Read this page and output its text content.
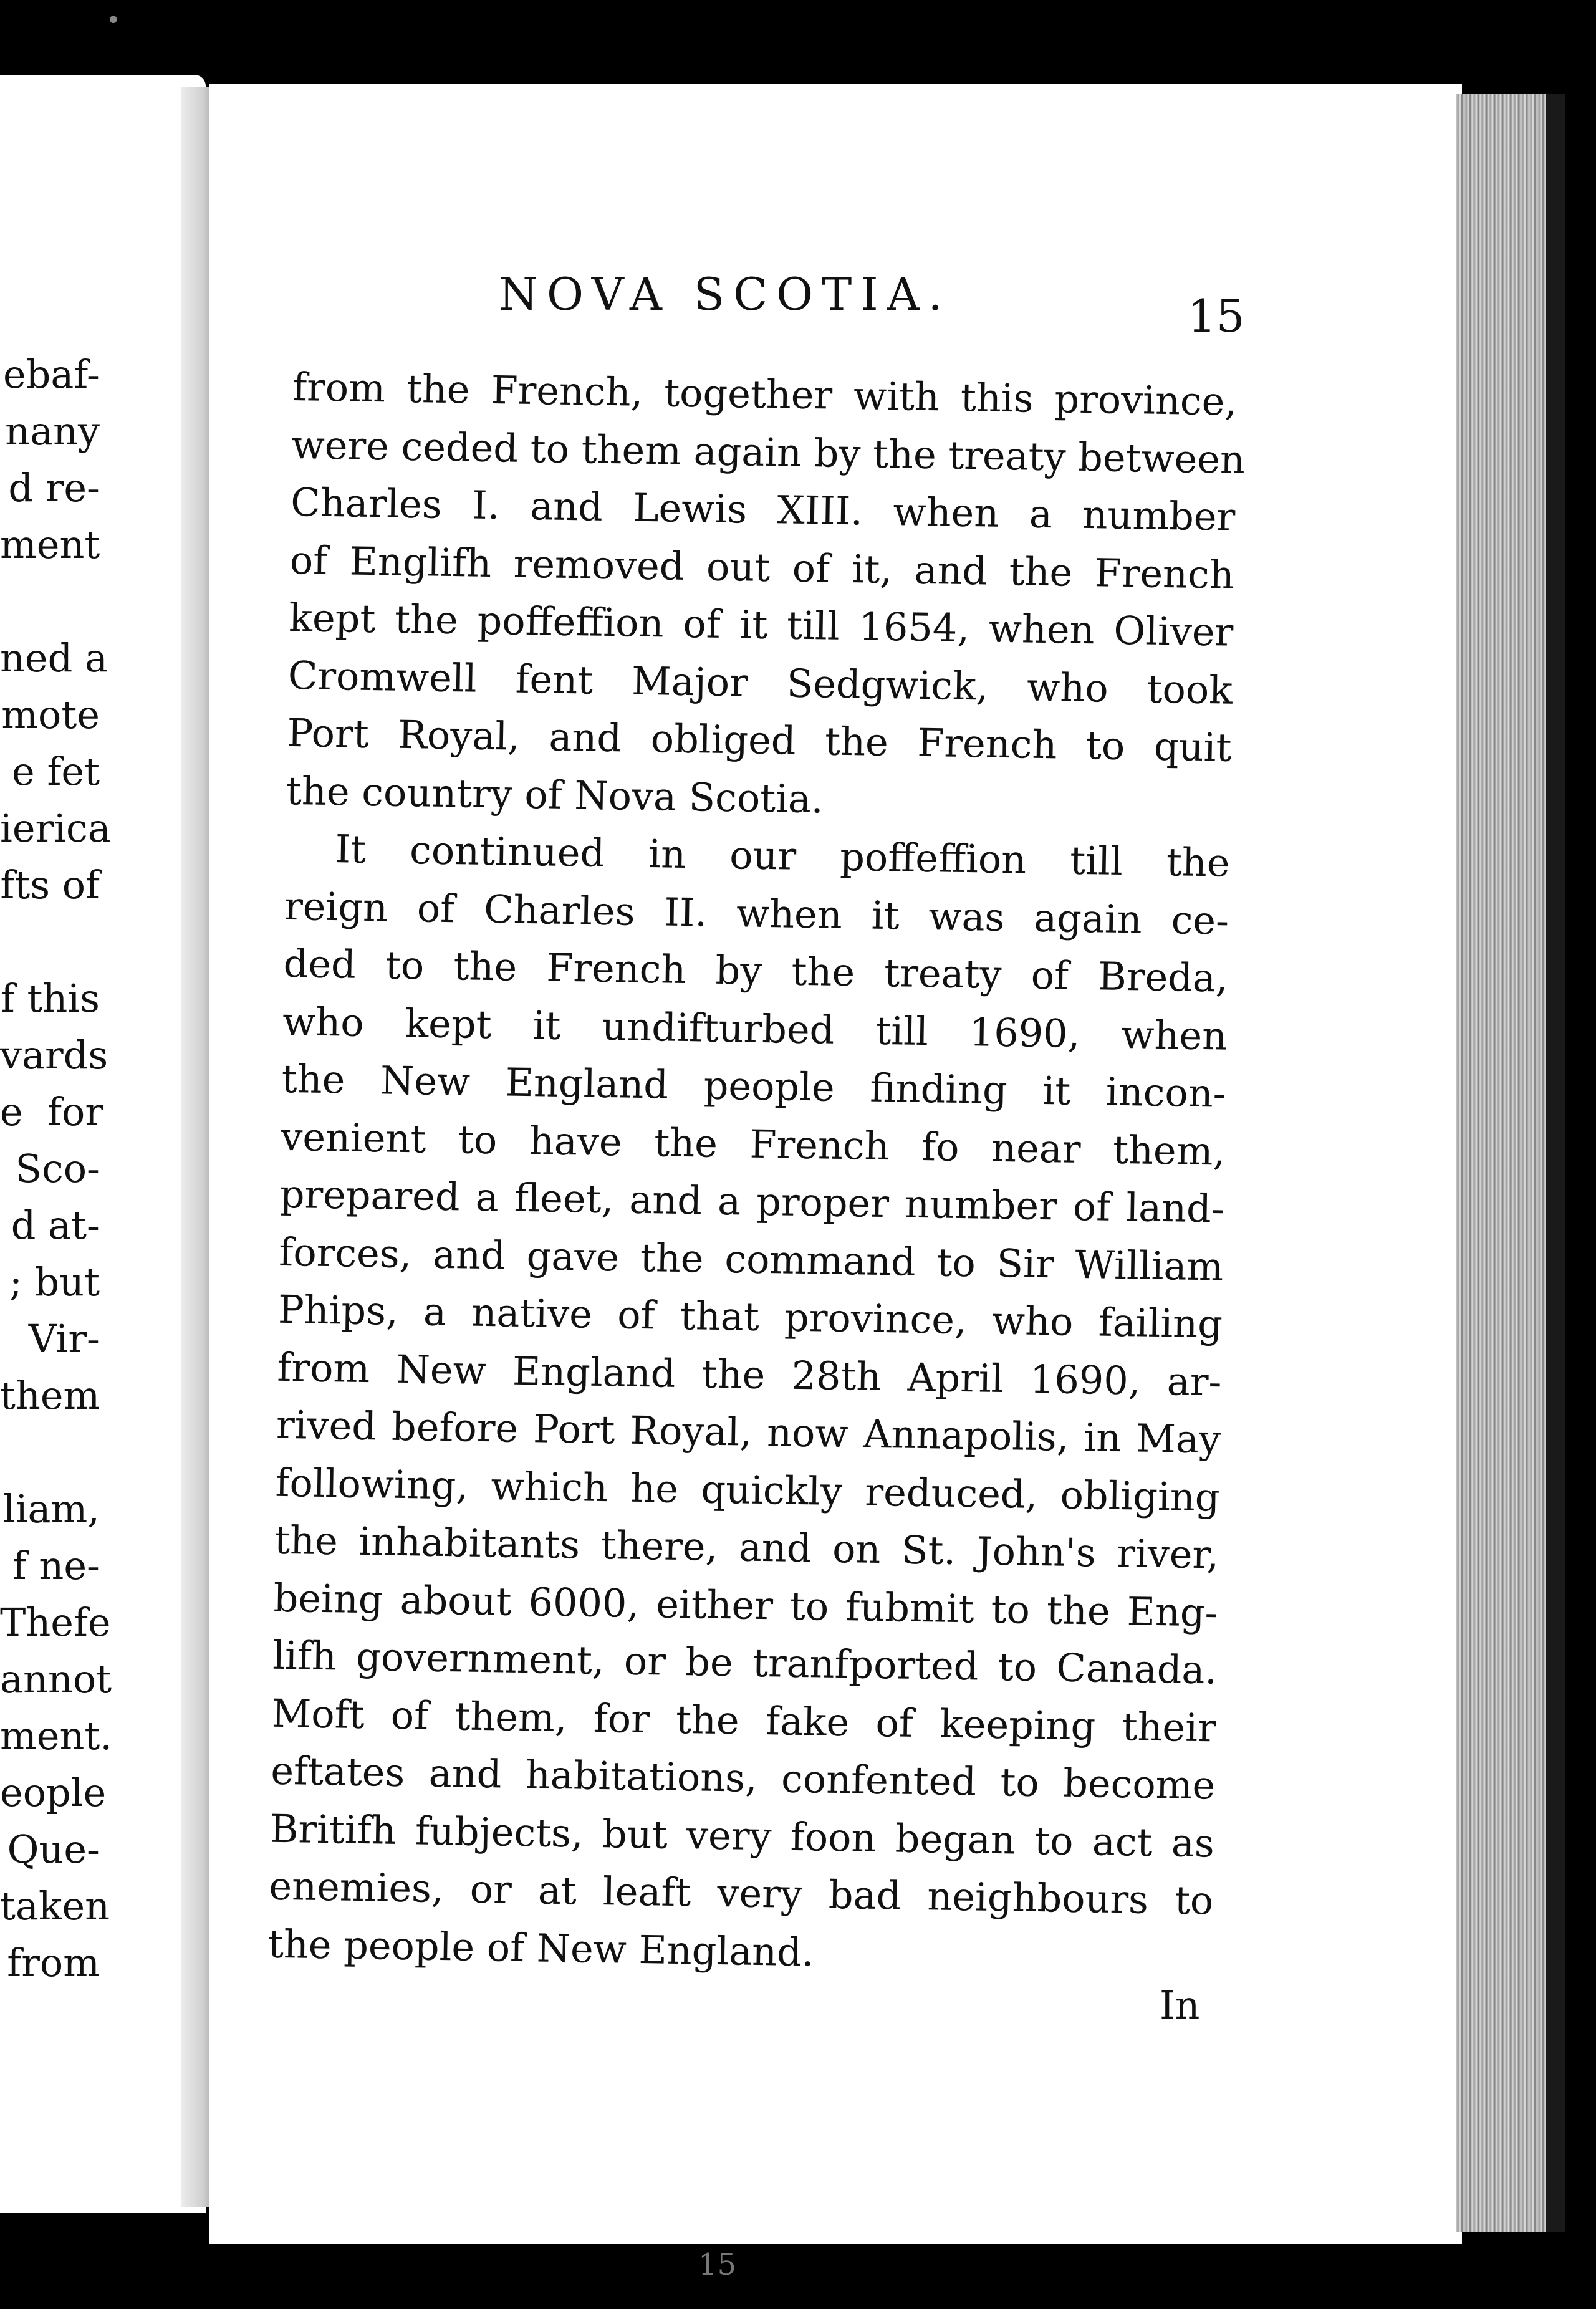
•
ebaf-
nany
d re-
ment
ned a
mote
e fet
ierica
fts of
f this
vards
e  for
Sco-
d at-
; but
Vir-
them
liam,
f ne-
Thefe
annot
ment.
eople
Que-
taken
from
NOVA SCOTIA.	15
from the French, together with this province,
were ceded to them again by the treaty between
Charles I. and Lewis XIII. when a number
of Englifh removed out of it, and the French
kept the poffeffion of it till 1654, when Oliver
Cromwell fent Major Sedgwick, who took
Port Royal, and obliged the French to quit
the country of Nova Scotia.
It continued in our poffeffion till the
reign of Charles II. when it was again ce-
ded to the French by the treaty of Breda,
who kept it undifturbed till 1690, when
the New England people finding it incon-
venient to have the French fo near them,
prepared a fleet, and a proper number of land-
forces, and gave the command to Sir William
Phips, a native of that province, who failing
from New England the 28th April 1690, ar-
rived before Port Royal, now Annapolis, in May
following, which he quickly reduced, obliging
the inhabitants there, and on St. John's river,
being about 6000, either to fubmit to the Eng-
lifh government, or be tranfported to Canada.
Moft of them, for the fake of keeping their
eftates and habitations, confented to become
Britifh fubjects, but very foon began to act as
enemies, or at leaft very bad neighbours to
the people of New England.
In
15
